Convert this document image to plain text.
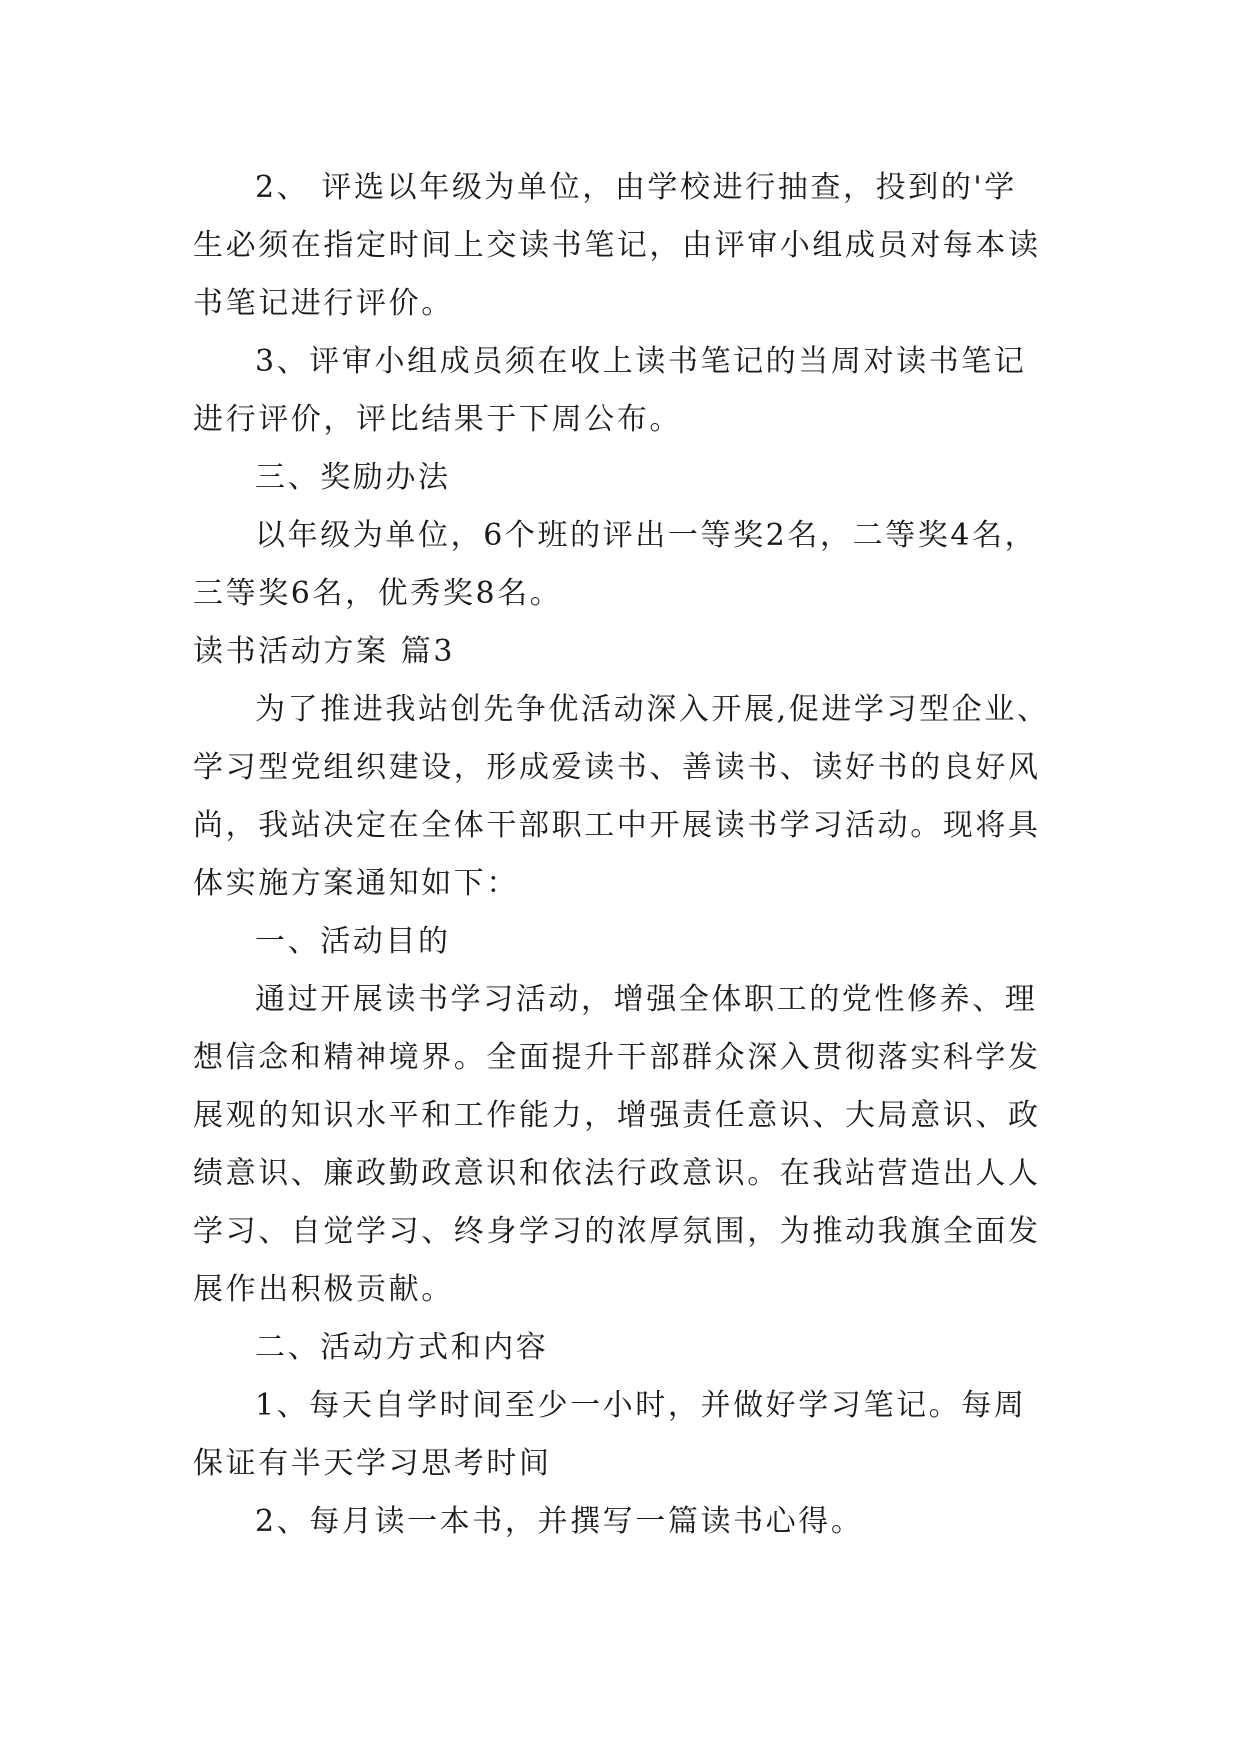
2、 评选以年级为单位，由学校进行抽查，投到的'学
生必须在指定时间上交读书笔记，由评审小组成员对每本读
书笔记进行评价。
3、评审小组成员须在收上读书笔记的当周对读书笔记
进行评价，评比结果于下周公布。
三、奖励办法
以年级为单位，6个班的评出一等奖2名，二等奖4名，
三等奖6名，优秀奖8名。
读书活动方案 篇3
为了推进我站创先争优活动深入开展,促进学习型企业、
学习型党组织建设，形成爱读书、善读书、读好书的良好风
尚，我站决定在全体干部职工中开展读书学习活动。现将具
体实施方案通知如下：
一、活动目的
通过开展读书学习活动，增强全体职工的党性修养、理
想信念和精神境界。全面提升干部群众深入贯彻落实科学发
展观的知识水平和工作能力，增强责任意识、大局意识、政
绩意识、廉政勤政意识和依法行政意识。在我站营造出人人
学习、自觉学习、终身学习的浓厚氛围，为推动我旗全面发
展作出积极贡献。
二、活动方式和内容
1、每天自学时间至少一小时，并做好学习笔记。每周
保证有半天学习思考时间
2、每月读一本书，并撰写一篇读书心得。
